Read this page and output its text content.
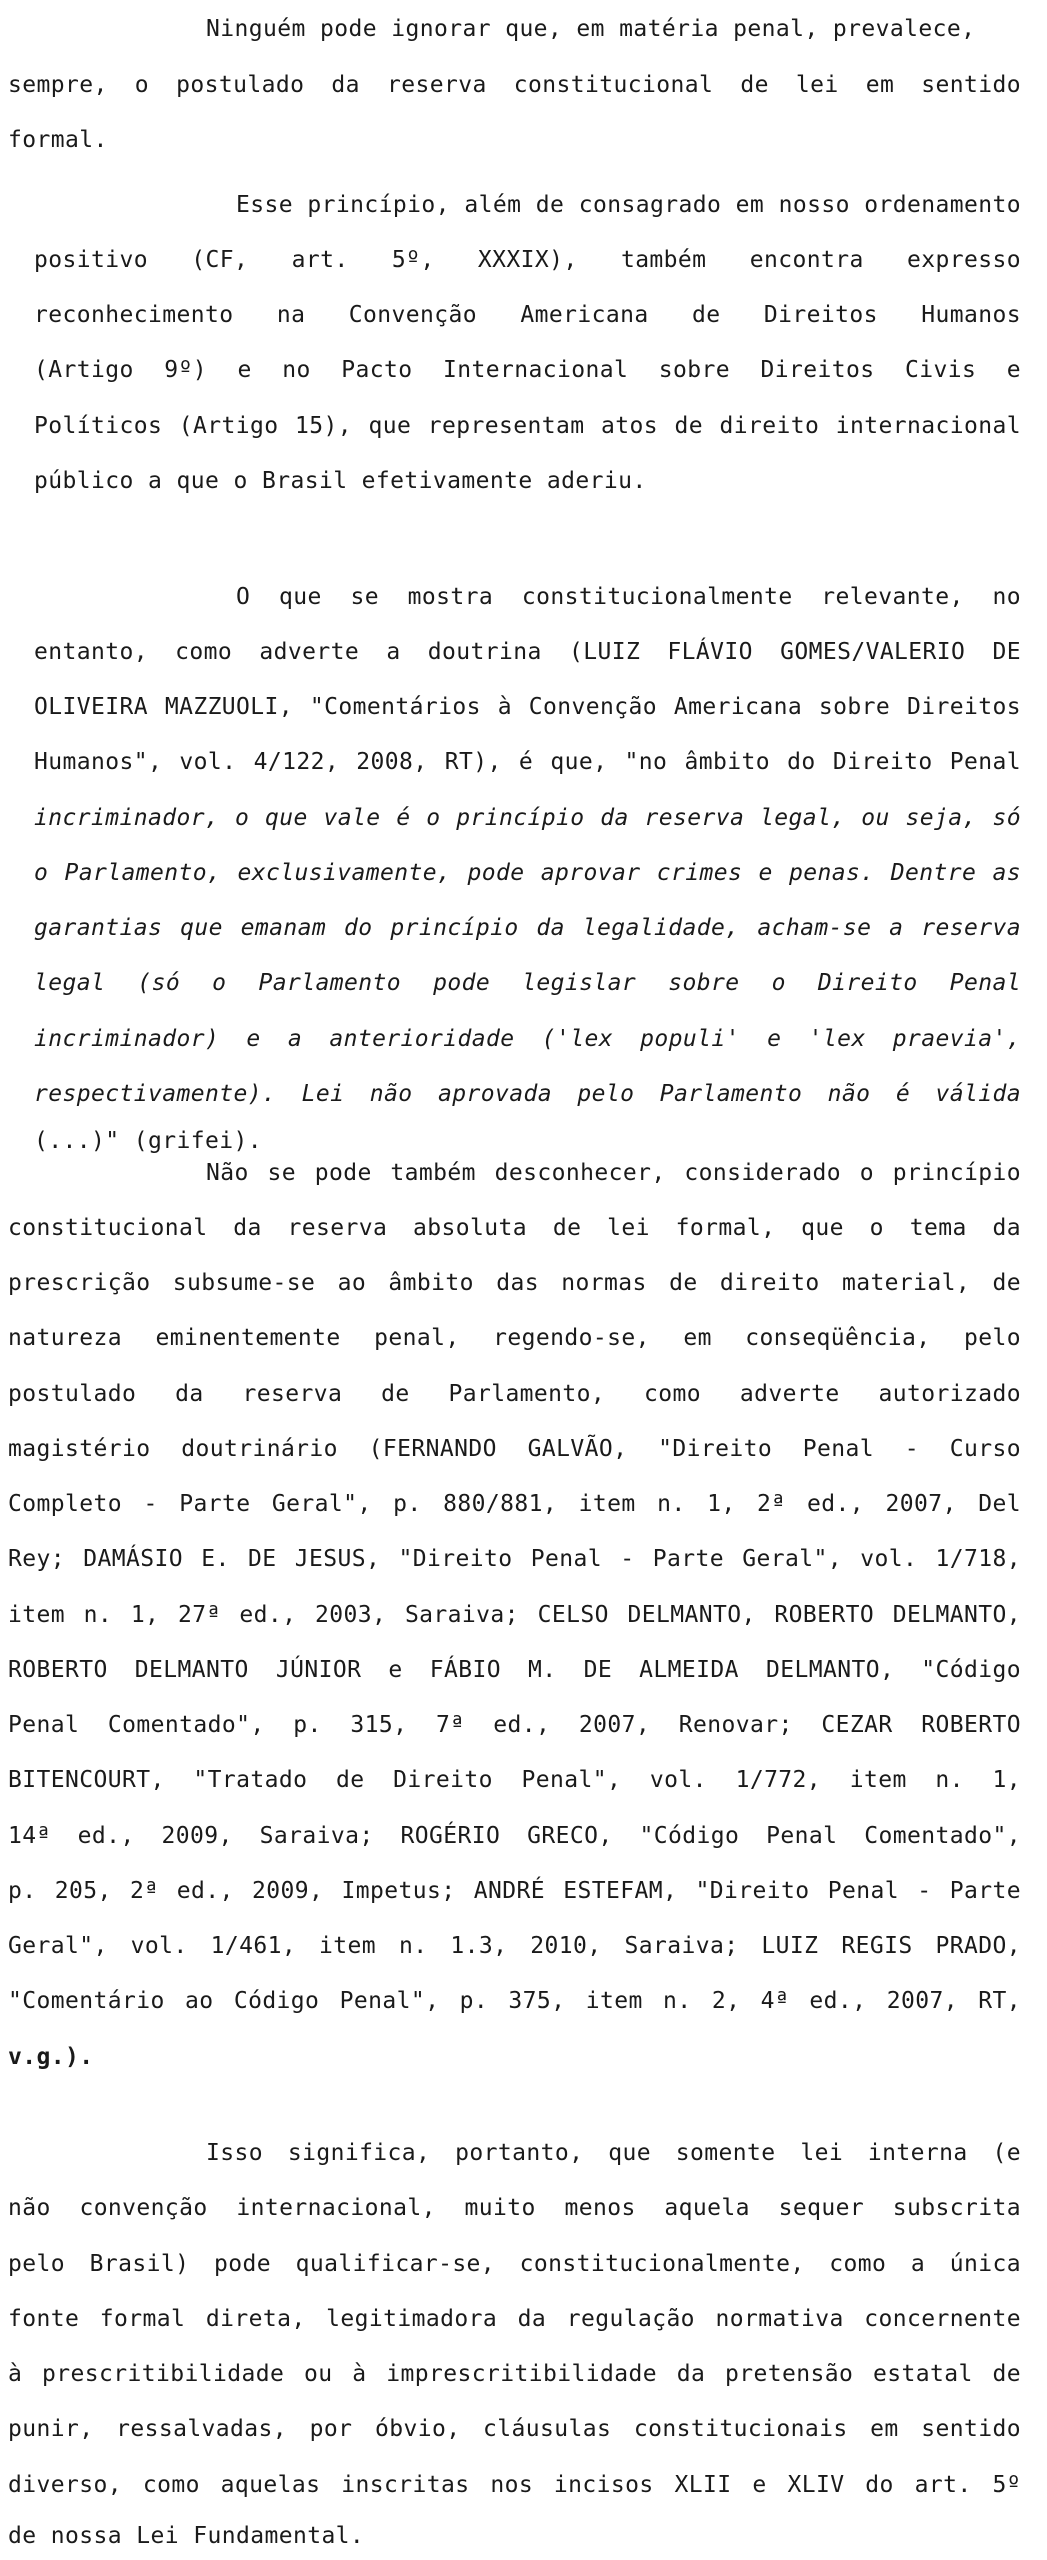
Ninguém pode ignorar que, em matéria penal, prevalece,
sempre, o postulado da reserva constitucional de lei em sentido
formal.
Esse princípio, além de consagrado em nosso ordenamento
positivo (CF, art. 5º, XXXIX), também encontra expresso
reconhecimento na Convenção Americana de Direitos Humanos
(Artigo 9º) e no Pacto Internacional sobre Direitos Civis e
Políticos (Artigo 15), que representam atos de direito internacional
público a que o Brasil efetivamente aderiu.
O que se mostra constitucionalmente relevante, no
entanto, como adverte a doutrina (LUIZ FLÁVIO GOMES/VALERIO DE
OLIVEIRA MAZZUOLI, "Comentários à Convenção Americana sobre Direitos
Humanos", vol. 4/122, 2008, RT), é que, "no âmbito do Direito Penal
incriminador, o que vale é o princípio da reserva legal, ou seja, só
o Parlamento, exclusivamente, pode aprovar crimes e penas. Dentre as
garantias que emanam do princípio da legalidade, acham-se a reserva
legal (só o Parlamento pode legislar sobre o Direito Penal
incriminador) e a anterioridade ('lex populi' e 'lex praevia',
respectivamente). Lei não aprovada pelo Parlamento não é válida
(...)" (grifei).
Não se pode também desconhecer, considerado o princípio
constitucional da reserva absoluta de lei formal, que o tema da
prescrição subsume-se ao âmbito das normas de direito material, de
natureza eminentemente penal, regendo-se, em conseqüência, pelo
postulado da reserva de Parlamento, como adverte autorizado
magistério doutrinário (FERNANDO GALVÃO, "Direito Penal - Curso
Completo - Parte Geral", p. 880/881, item n. 1, 2ª ed., 2007, Del
Rey; DAMÁSIO E. DE JESUS, "Direito Penal - Parte Geral", vol. 1/718,
item n. 1, 27ª ed., 2003, Saraiva; CELSO DELMANTO, ROBERTO DELMANTO,
ROBERTO DELMANTO JÚNIOR e FÁBIO M. DE ALMEIDA DELMANTO, "Código
Penal Comentado", p. 315, 7ª ed., 2007, Renovar; CEZAR ROBERTO
BITENCOURT, "Tratado de Direito Penal", vol. 1/772, item n. 1,
14ª ed., 2009, Saraiva; ROGÉRIO GRECO, "Código Penal Comentado",
p. 205, 2ª ed., 2009, Impetus; ANDRÉ ESTEFAM, "Direito Penal - Parte
Geral", vol. 1/461, item n. 1.3, 2010, Saraiva; LUIZ REGIS PRADO,
"Comentário ao Código Penal", p. 375, item n. 2, 4ª ed., 2007, RT,
v.g.).
Isso significa, portanto, que somente lei interna (e
não convenção internacional, muito menos aquela sequer subscrita
pelo Brasil) pode qualificar-se, constitucionalmente, como a única
fonte formal direta, legitimadora da regulação normativa concernente
à prescritibilidade ou à imprescritibilidade da pretensão estatal de
punir, ressalvadas, por óbvio, cláusulas constitucionais em sentido
diverso, como aquelas inscritas nos incisos XLII e XLIV do art. 5º
de nossa Lei Fundamental.
